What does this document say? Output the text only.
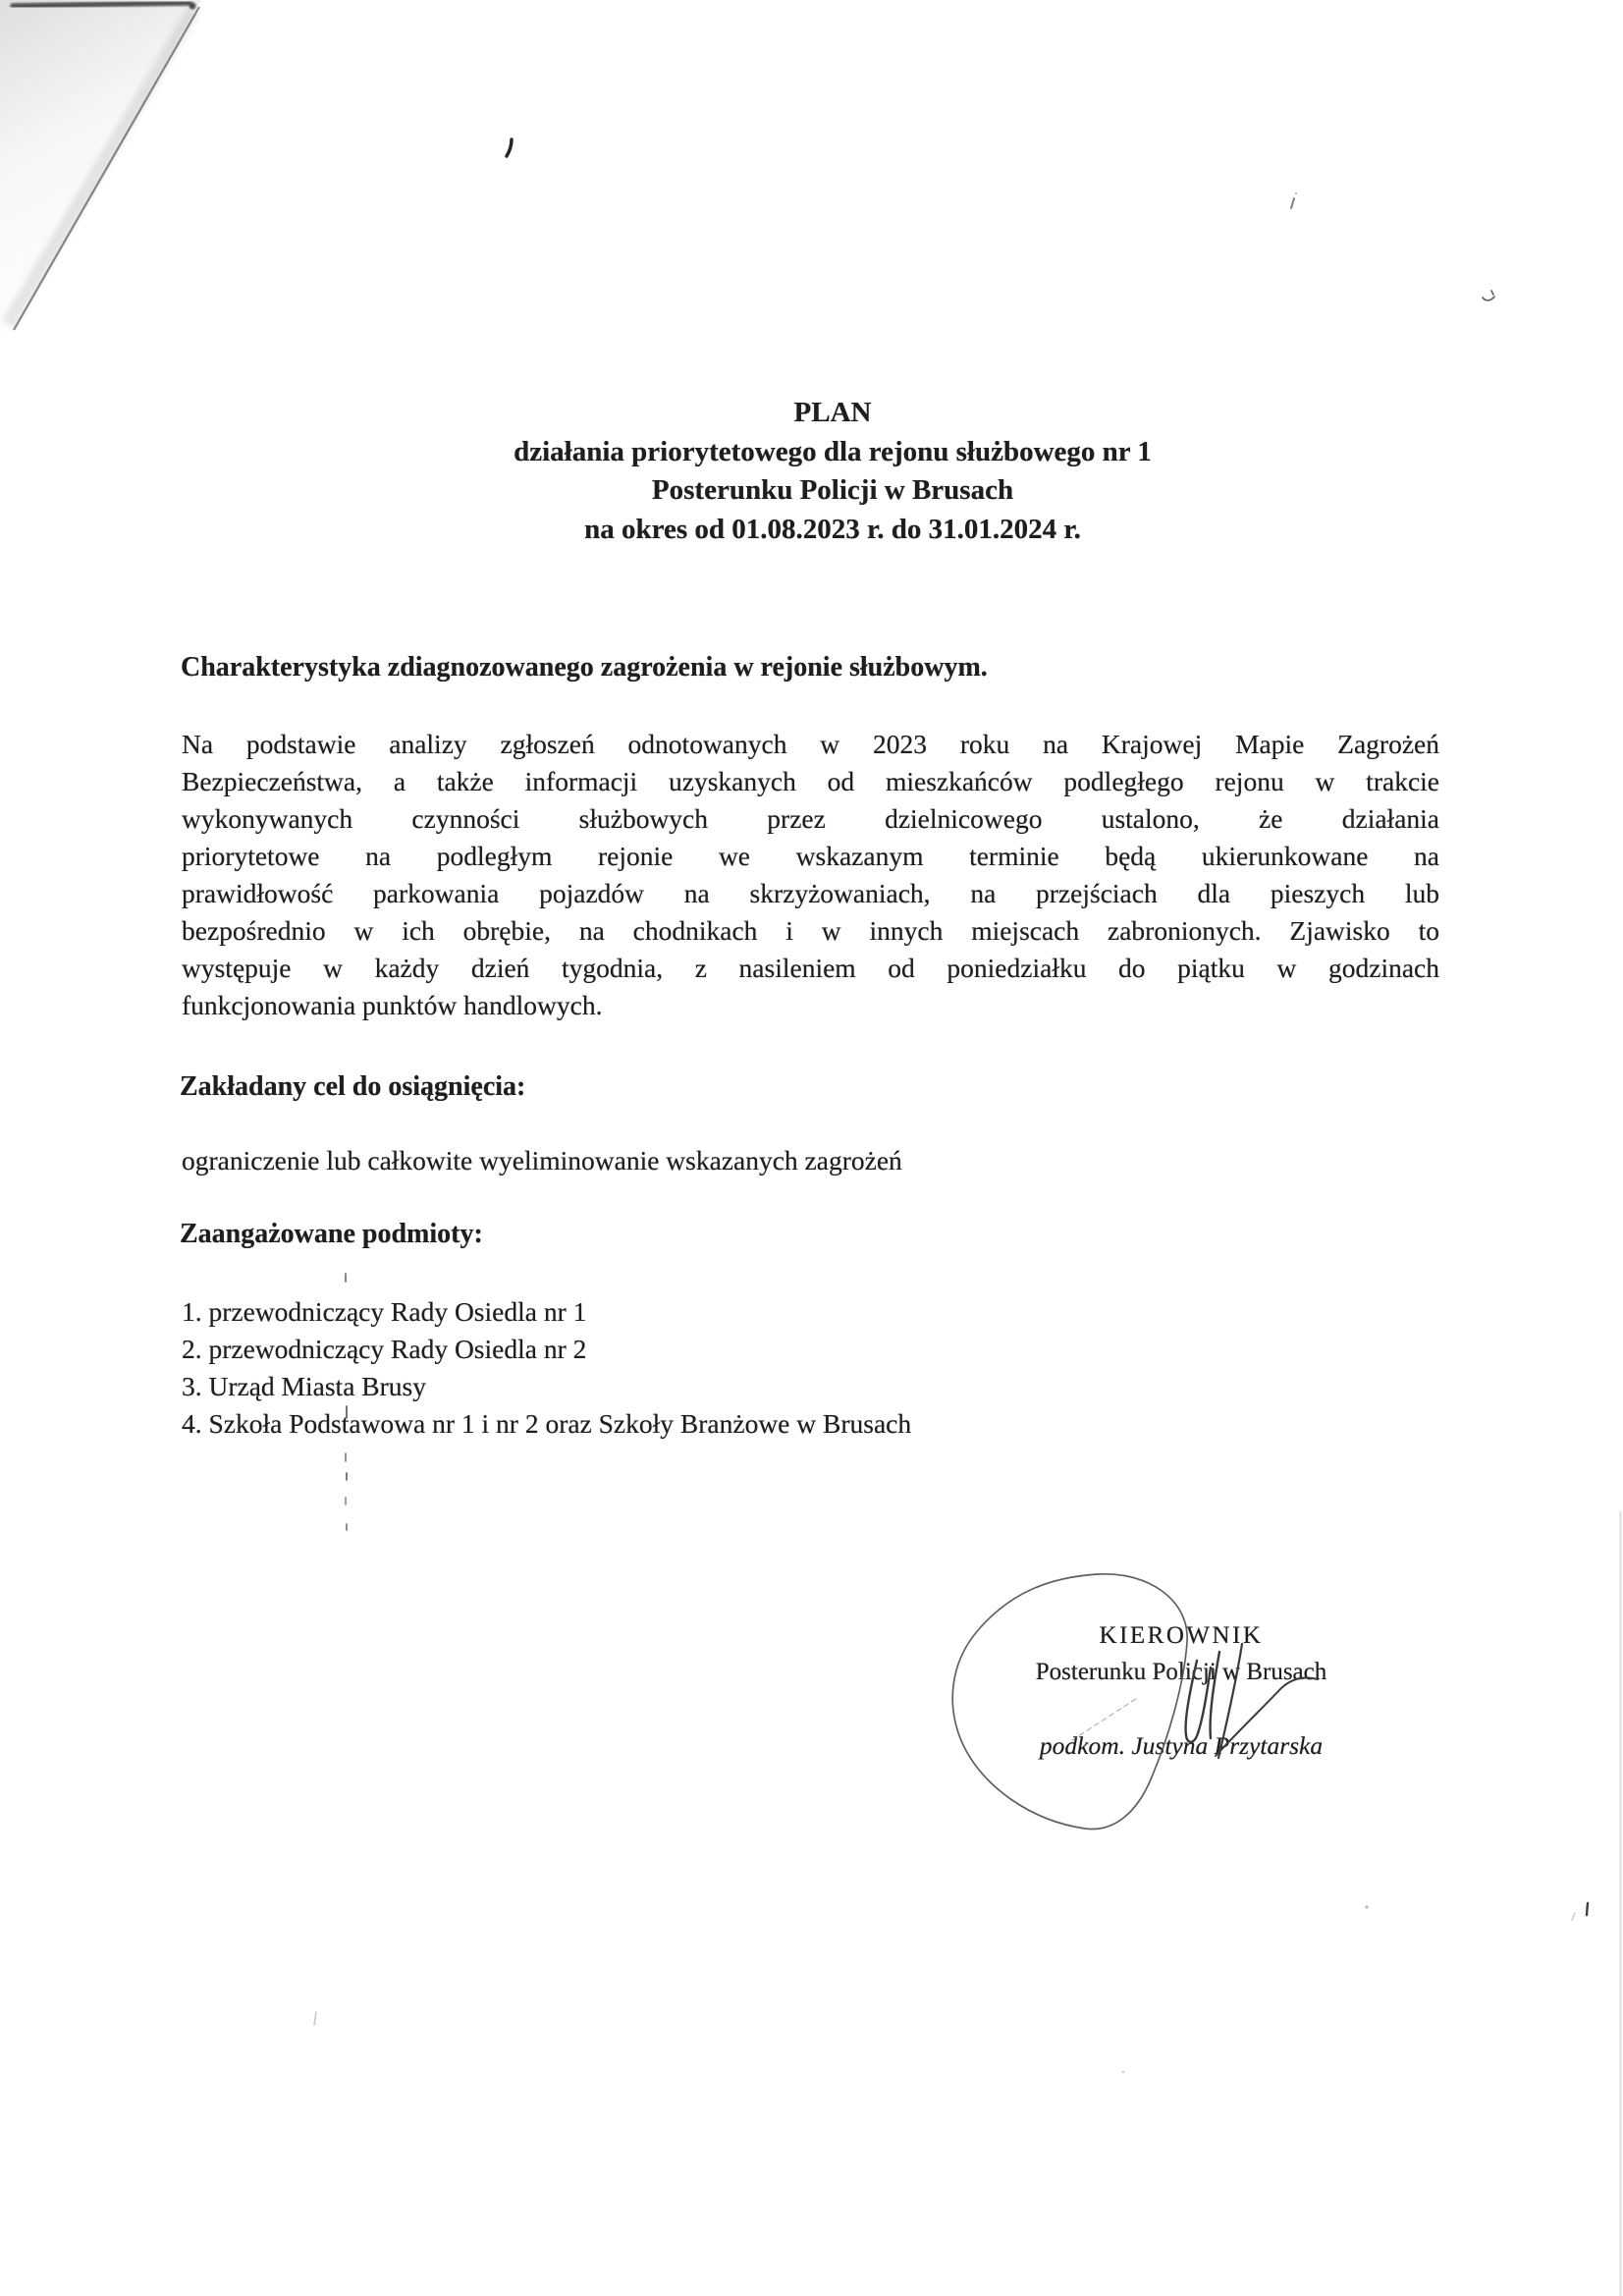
PLAN
działania priorytetowego dla rejonu służbowego nr 1
Posterunku Policji w Brusach
na okres od 01.08.2023 r. do 31.01.2024 r.
Charakterystyka zdiagnozowanego zagrożenia w rejonie służbowym.
Na podstawie analizy zgłoszeń odnotowanych w 2023 roku na Krajowej Mapie Zagrożeń
Bezpieczeństwa, a także informacji uzyskanych od mieszkańców podległego rejonu w trakcie
wykonywanych czynności służbowych przez dzielnicowego ustalono, że działania
priorytetowe na podległym rejonie we wskazanym terminie będą ukierunkowane na
prawidłowość parkowania pojazdów na skrzyżowaniach, na przejściach dla pieszych lub
bezpośrednio w ich obrębie, na chodnikach i w innych miejscach zabronionych. Zjawisko to
występuje w każdy dzień tygodnia, z nasileniem od poniedziałku do piątku w godzinach
funkcjonowania punktów handlowych.
Zakładany cel do osiągnięcia:
ograniczenie lub całkowite wyeliminowanie wskazanych zagrożeń
Zaangażowane podmioty:
1. przewodniczący Rady Osiedla nr 1
2. przewodniczący Rady Osiedla nr 2
3. Urząd Miasta Brusy
4. Szkoła Podstawowa nr 1 i nr 2 oraz Szkoły Branżowe w Brusach
KIEROWNIK
Posterunku Policji w Brusach
podkom. Justyna Przytarska
